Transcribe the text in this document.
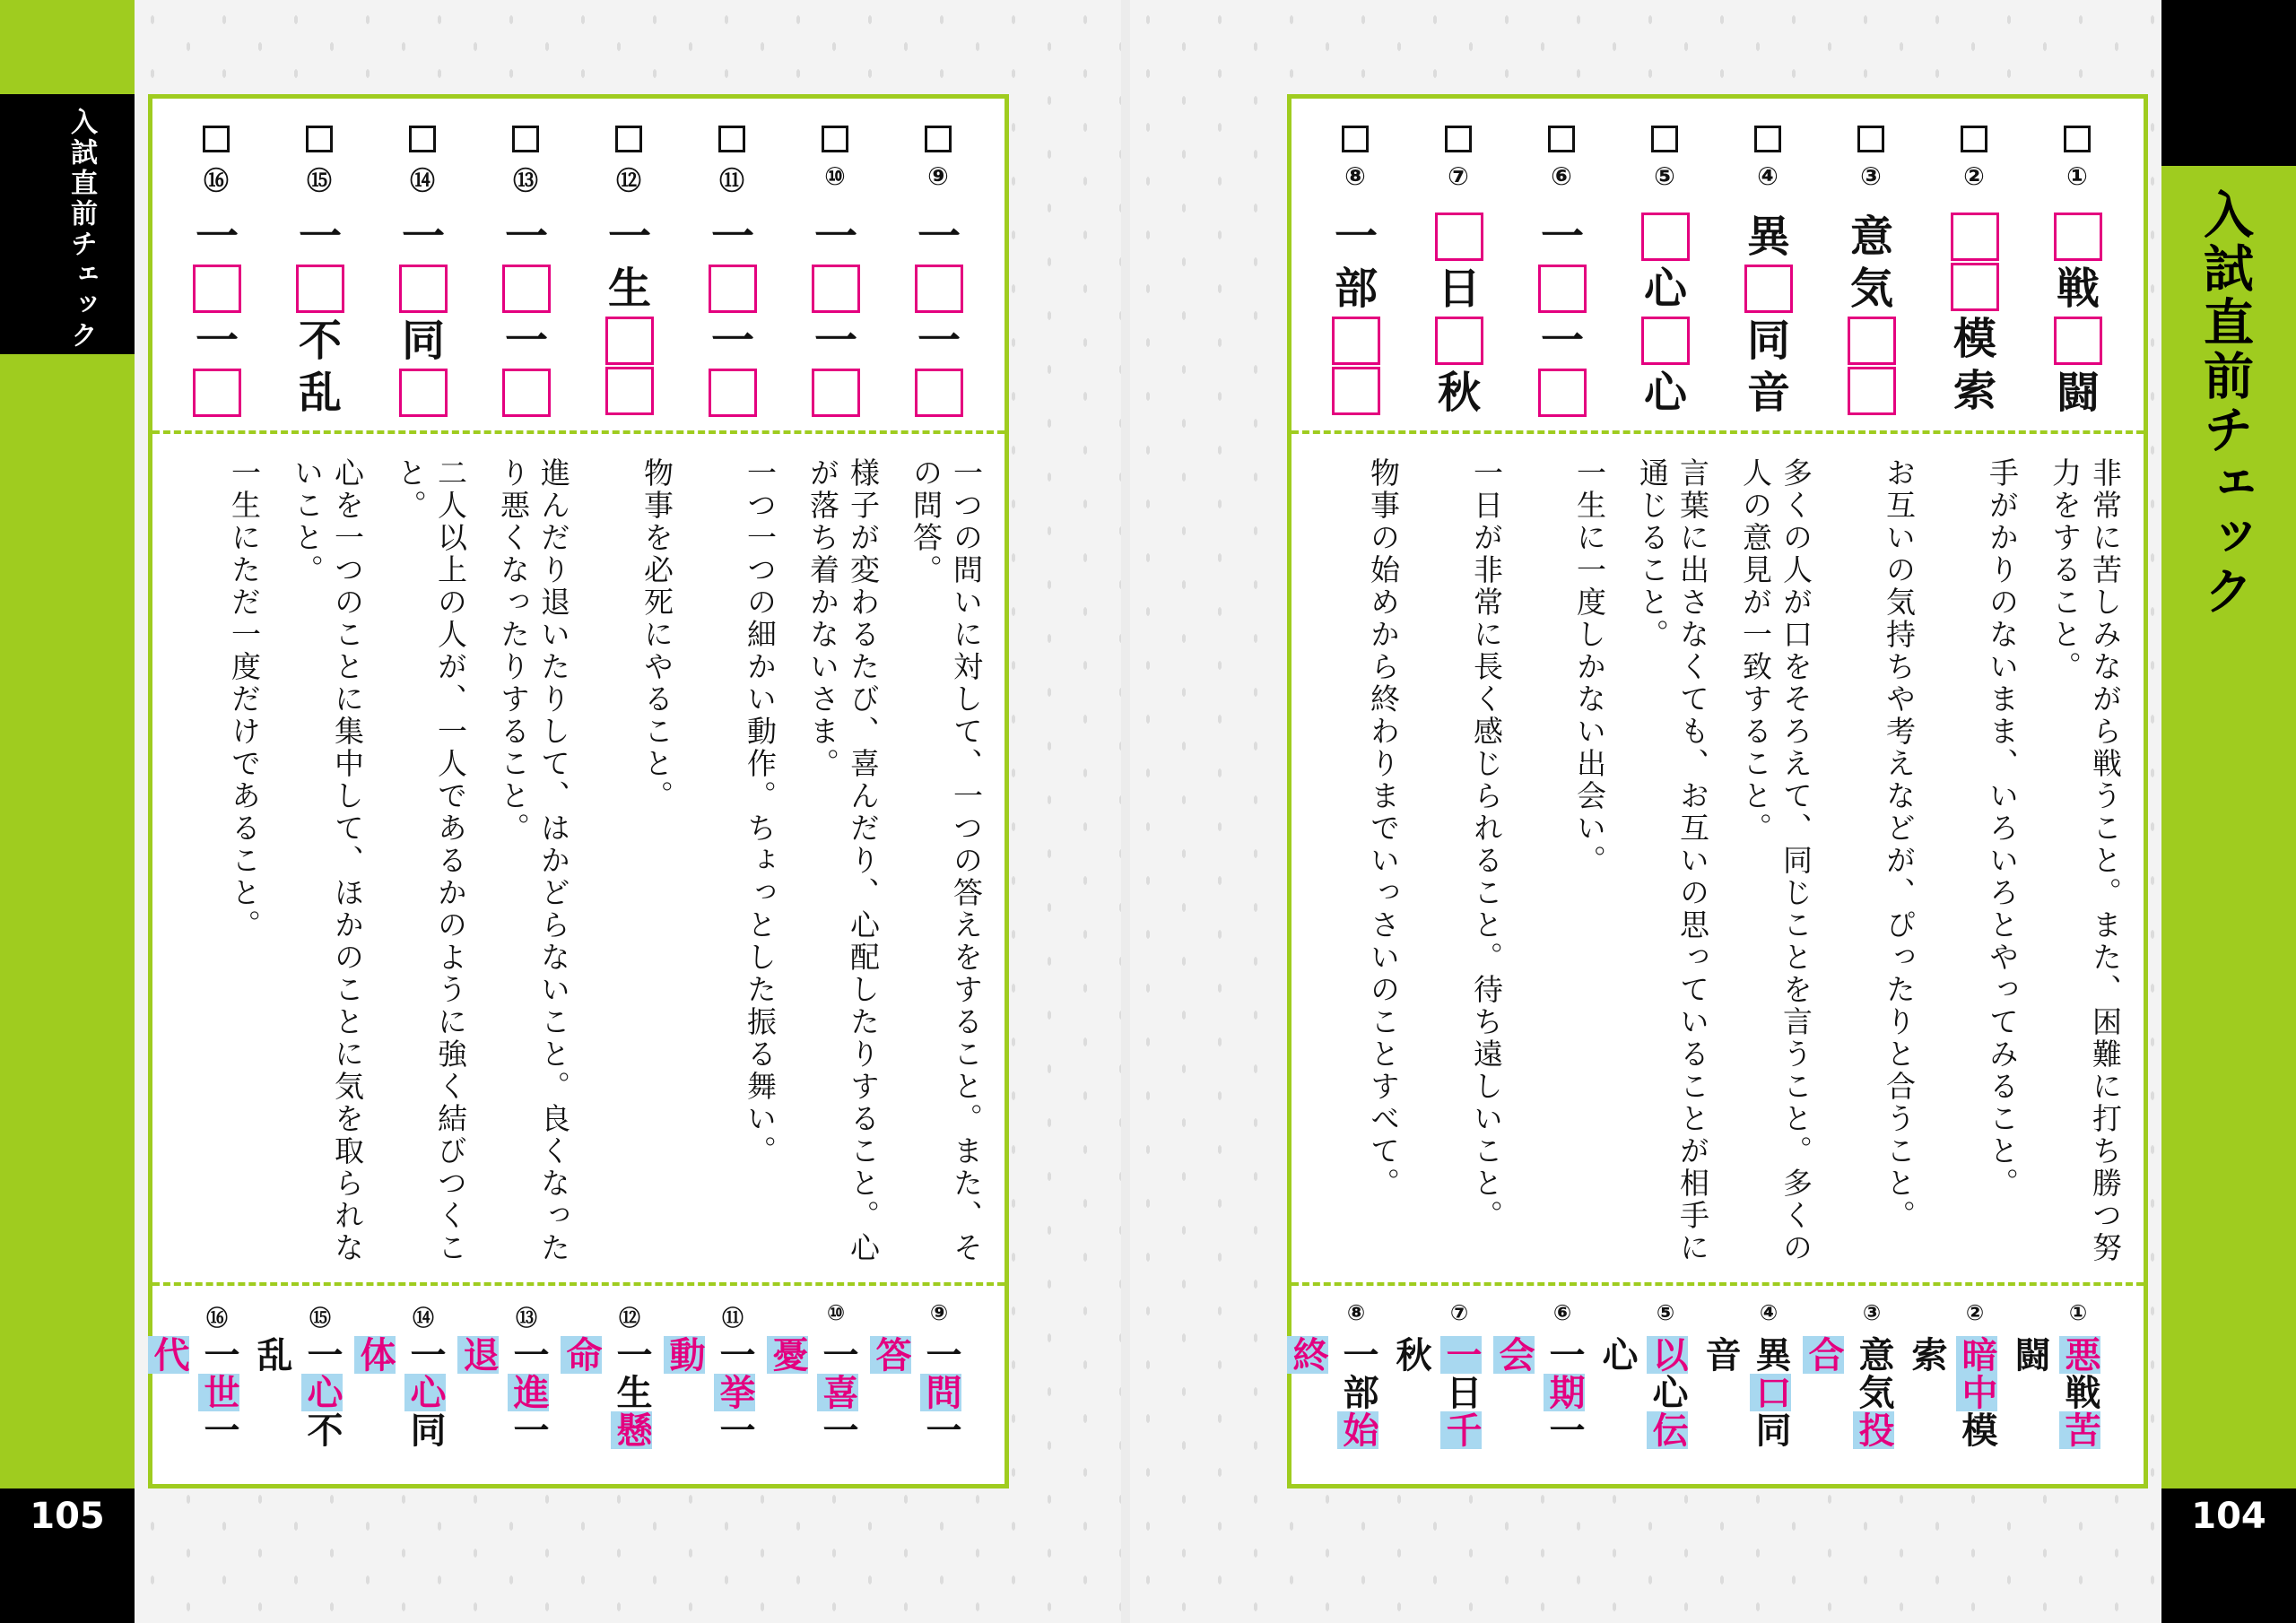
入試直前チェック	入試直前チェック
105	104
⑨
一
一
一つの問いに対して、一つの答えをすること。また、その問答。
⑨
一問一答
⑩
一
一
様子が変わるたび、喜んだり、心配したりすること。心が落ち着かないさま。
⑩
一喜一憂
⑪
一
一
一つ一つの細かい動作。ちょっとした振る舞い。
⑪
一挙一動
⑫
一
生
物事を必死にやること。
⑫
一生懸命
⑬
一
一
進んだり退いたりして、はかどらないこと。良くなったり悪くなったりすること。
⑬
一進一退
⑭
一
同
二人以上の人が、一人であるかのように強く結びつくこと。
⑭
一心同体
⑮
一
不
乱
心を一つのことに集中して、ほかのことに気を取られないこと。
⑮
一心不乱
⑯
一
一
一生にただ一度だけであること。
⑯
一世一代
①
戦
闘
非常に苦しみながら戦うこと。また、困難に打ち勝つ努力をすること。
①
悪戦苦闘
②
模
索
手がかりのないまま、いろいろとやってみること。
②
暗中模索
③
意
気
お互いの気持ちや考えなどが、ぴったりと合うこと。
③
意気投合
④
異
同
音
多くの人が口をそろえて、同じことを言うこと。多くの人の意見が一致すること。
④
異口同音
⑤
心
心
言葉に出さなくても、お互いの思っていることが相手に通じること。
⑤
以心伝心
⑥
一
一
一生に一度しかない出会い。
⑥
一期一会
⑦
日
秋
一日が非常に長く感じられること。待ち遠しいこと。
⑦
一日千秋
⑧
一
部
物事の始めから終わりまでいっさいのことすべて。
⑧
一部始終
